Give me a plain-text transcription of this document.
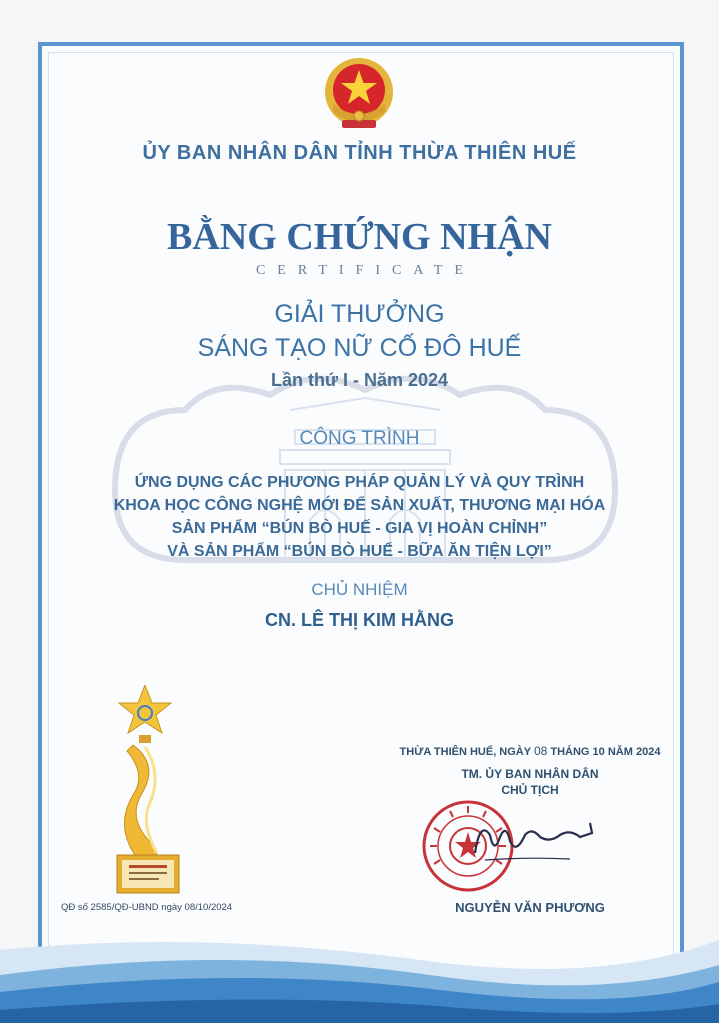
ỦY BAN NHÂN DÂN TỈNH THỪA THIÊN HUẾ
BẰNG CHỨNG NHẬN
CERTIFICATE
GIẢI THƯỞNG
SÁNG TẠO NỮ CỐ ĐÔ HUẾ
Lần thứ I - Năm 2024
CÔNG TRÌNH
ỨNG DỤNG CÁC PHƯƠNG PHÁP QUẢN LÝ VÀ QUY TRÌNH
KHOA HỌC CÔNG NGHỆ MỚI ĐỂ SẢN XUẤT, THƯƠNG MẠI HÓA
SẢN PHẨM “BÚN BÒ HUẾ - GIA VỊ HOÀN CHỈNH”
VÀ SẢN PHẨM “BÚN BÒ HUẾ - BỮA ĂN TIỆN LỢI”
CHỦ NHIỆM
CN. LÊ THỊ KIM HẰNG
QĐ số 2585/QĐ-UBND ngày 08/10/2024
THỪA THIÊN HUẾ, NGÀY 08 THÁNG 10 NĂM 2024
TM. ỦY BAN NHÂN DÂN
CHỦ TỊCH
NGUYỄN VĂN PHƯƠNG
